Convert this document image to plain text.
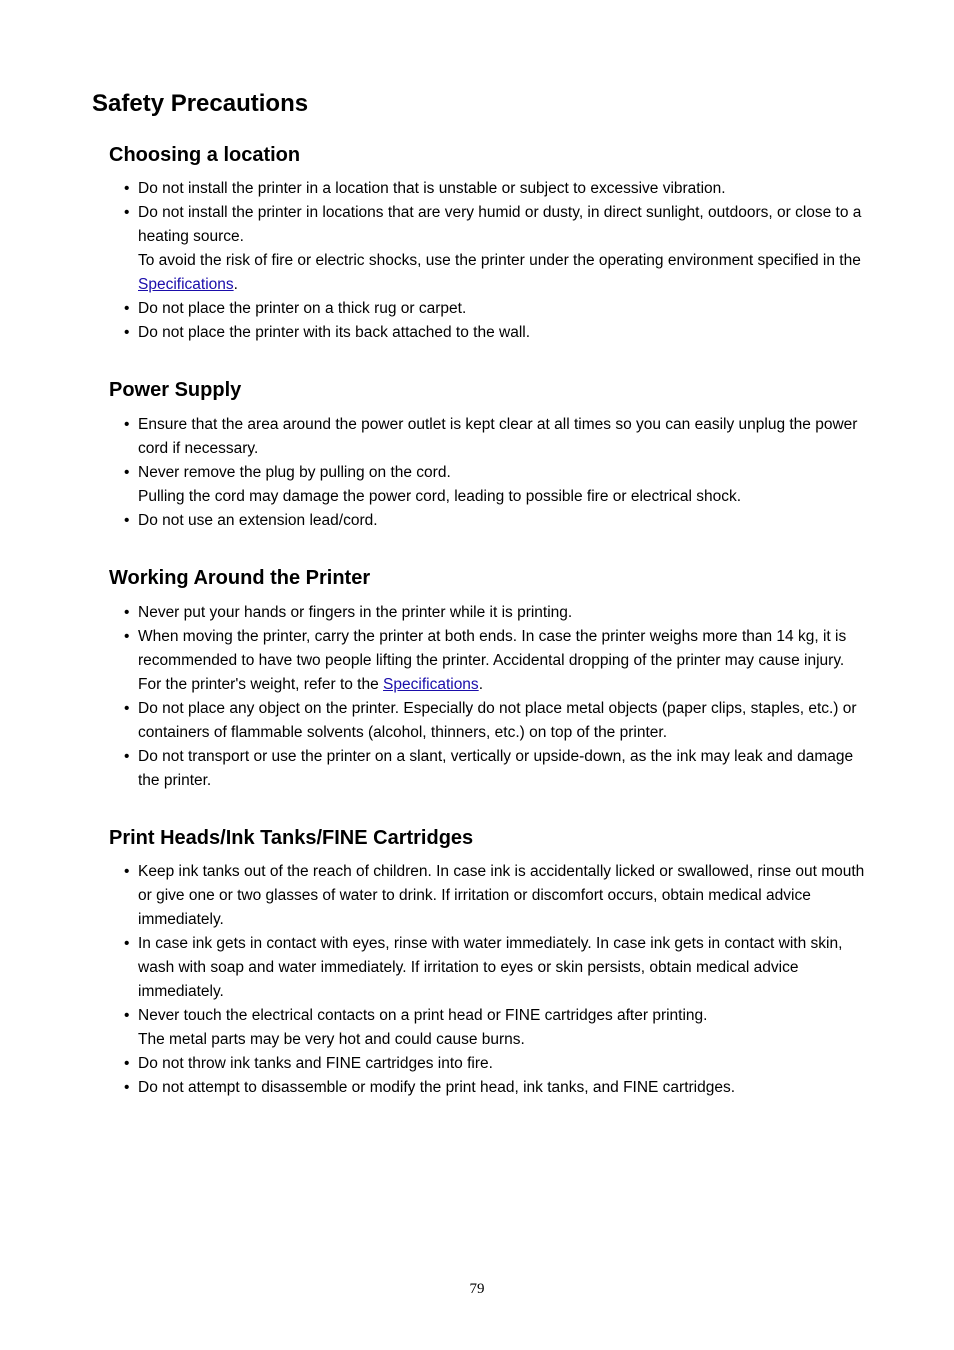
Safety Precautions
Choosing a location
• Do not install the printer in a location that is unstable or subject to excessive vibration.
• Do not install the printer in locations that are very humid or dusty, in direct sunlight, outdoors, or close to a heating source.
To avoid the risk of fire or electric shocks, use the printer under the operating environment specified in the Specifications.
• Do not place the printer on a thick rug or carpet.
• Do not place the printer with its back attached to the wall.
Power Supply
• Ensure that the area around the power outlet is kept clear at all times so you can easily unplug the power cord if necessary.
• Never remove the plug by pulling on the cord.
Pulling the cord may damage the power cord, leading to possible fire or electrical shock.
• Do not use an extension lead/cord.
Working Around the Printer
• Never put your hands or fingers in the printer while it is printing.
• When moving the printer, carry the printer at both ends. In case the printer weighs more than 14 kg, it is recommended to have two people lifting the printer. Accidental dropping of the printer may cause injury. For the printer's weight, refer to the Specifications.
• Do not place any object on the printer. Especially do not place metal objects (paper clips, staples, etc.) or containers of flammable solvents (alcohol, thinners, etc.) on top of the printer.
• Do not transport or use the printer on a slant, vertically or upside-down, as the ink may leak and damage the printer.
Print Heads/Ink Tanks/FINE Cartridges
• Keep ink tanks out of the reach of children. In case ink is accidentally licked or swallowed, rinse out mouth or give one or two glasses of water to drink. If irritation or discomfort occurs, obtain medical advice immediately.
• In case ink gets in contact with eyes, rinse with water immediately. In case ink gets in contact with skin, wash with soap and water immediately. If irritation to eyes or skin persists, obtain medical advice immediately.
• Never touch the electrical contacts on a print head or FINE cartridges after printing.
The metal parts may be very hot and could cause burns.
• Do not throw ink tanks and FINE cartridges into fire.
• Do not attempt to disassemble or modify the print head, ink tanks, and FINE cartridges.
79
